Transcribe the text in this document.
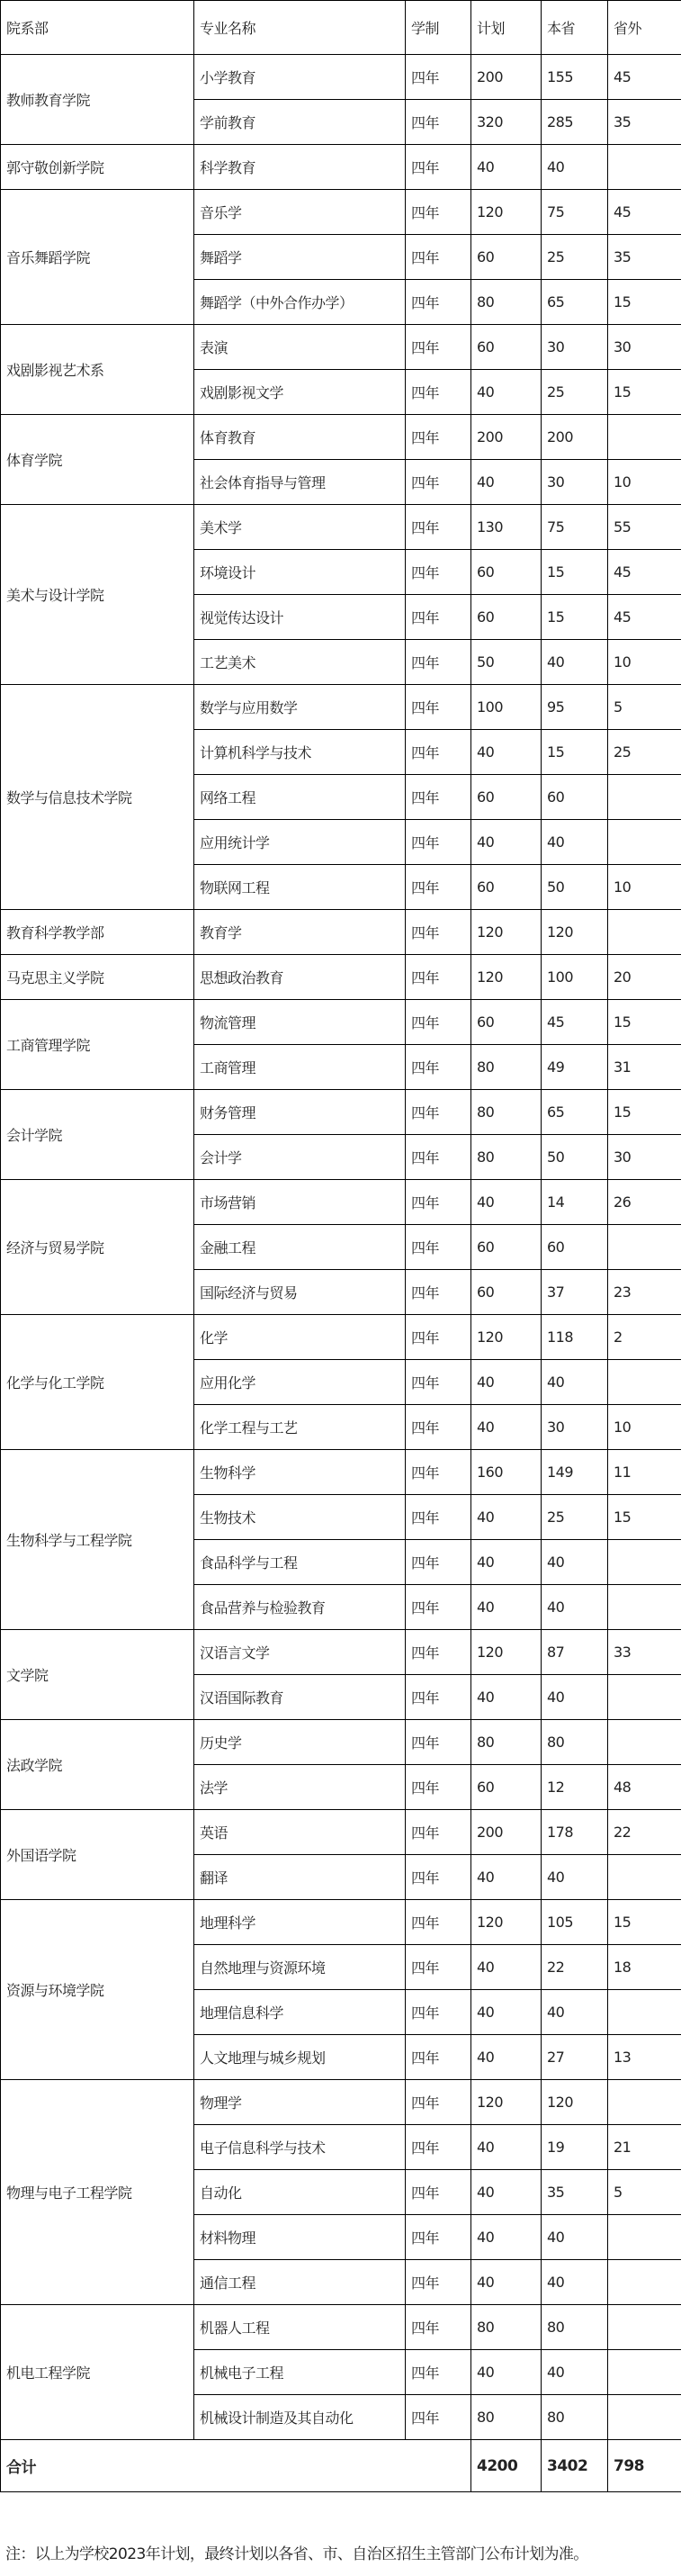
院系部	专业名称	学制	计划	本省	省外
教师教育学院	小学教育	四年	200	155	45
	学前教育	四年	320	285	35
郭守敬创新学院	科学教育	四年	40	40	
音乐舞蹈学院	音乐学	四年	120	75	45
	舞蹈学	四年	60	25	35
	舞蹈学（中外合作办学）	四年	80	65	15
戏剧影视艺术系	表演	四年	60	30	30
	戏剧影视文学	四年	40	25	15
体育学院	体育教育	四年	200	200	
	社会体育指导与管理	四年	40	30	10
美术与设计学院	美术学	四年	130	75	55
	环境设计	四年	60	15	45
	视觉传达设计	四年	60	15	45
	工艺美术	四年	50	40	10
数学与信息技术学院	数学与应用数学	四年	100	95	5
	计算机科学与技术	四年	40	15	25
	网络工程	四年	60	60	
	应用统计学	四年	40	40	
	物联网工程	四年	60	50	10
教育科学教学部	教育学	四年	120	120	
马克思主义学院	思想政治教育	四年	120	100	20
工商管理学院	物流管理	四年	60	45	15
	工商管理	四年	80	49	31
会计学院	财务管理	四年	80	65	15
	会计学	四年	80	50	30
经济与贸易学院	市场营销	四年	40	14	26
	金融工程	四年	60	60	
	国际经济与贸易	四年	60	37	23
化学与化工学院	化学	四年	120	118	2
	应用化学	四年	40	40	
	化学工程与工艺	四年	40	30	10
生物科学与工程学院	生物科学	四年	160	149	11
	生物技术	四年	40	25	15
	食品科学与工程	四年	40	40	
	食品营养与检验教育	四年	40	40	
文学院	汉语言文学	四年	120	87	33
	汉语国际教育	四年	40	40	
法政学院	历史学	四年	80	80	
	法学	四年	60	12	48
外国语学院	英语	四年	200	178	22
	翻译	四年	40	40	
资源与环境学院	地理科学	四年	120	105	15
	自然地理与资源环境	四年	40	22	18
	地理信息科学	四年	40	40	
	人文地理与城乡规划	四年	40	27	13
物理与电子工程学院	物理学	四年	120	120	
	电子信息科学与技术	四年	40	19	21
	自动化	四年	40	35	5
	材料物理	四年	40	40	
	通信工程	四年	40	40	
机电工程学院	机器人工程	四年	80	80	
	机械电子工程	四年	40	40	
	机械设计制造及其自动化	四年	80	80	
合计			4200	3402	798
注：以上为学校2023年计划，最终计划以各省、市、自治区招生主管部门公布计划为准。
